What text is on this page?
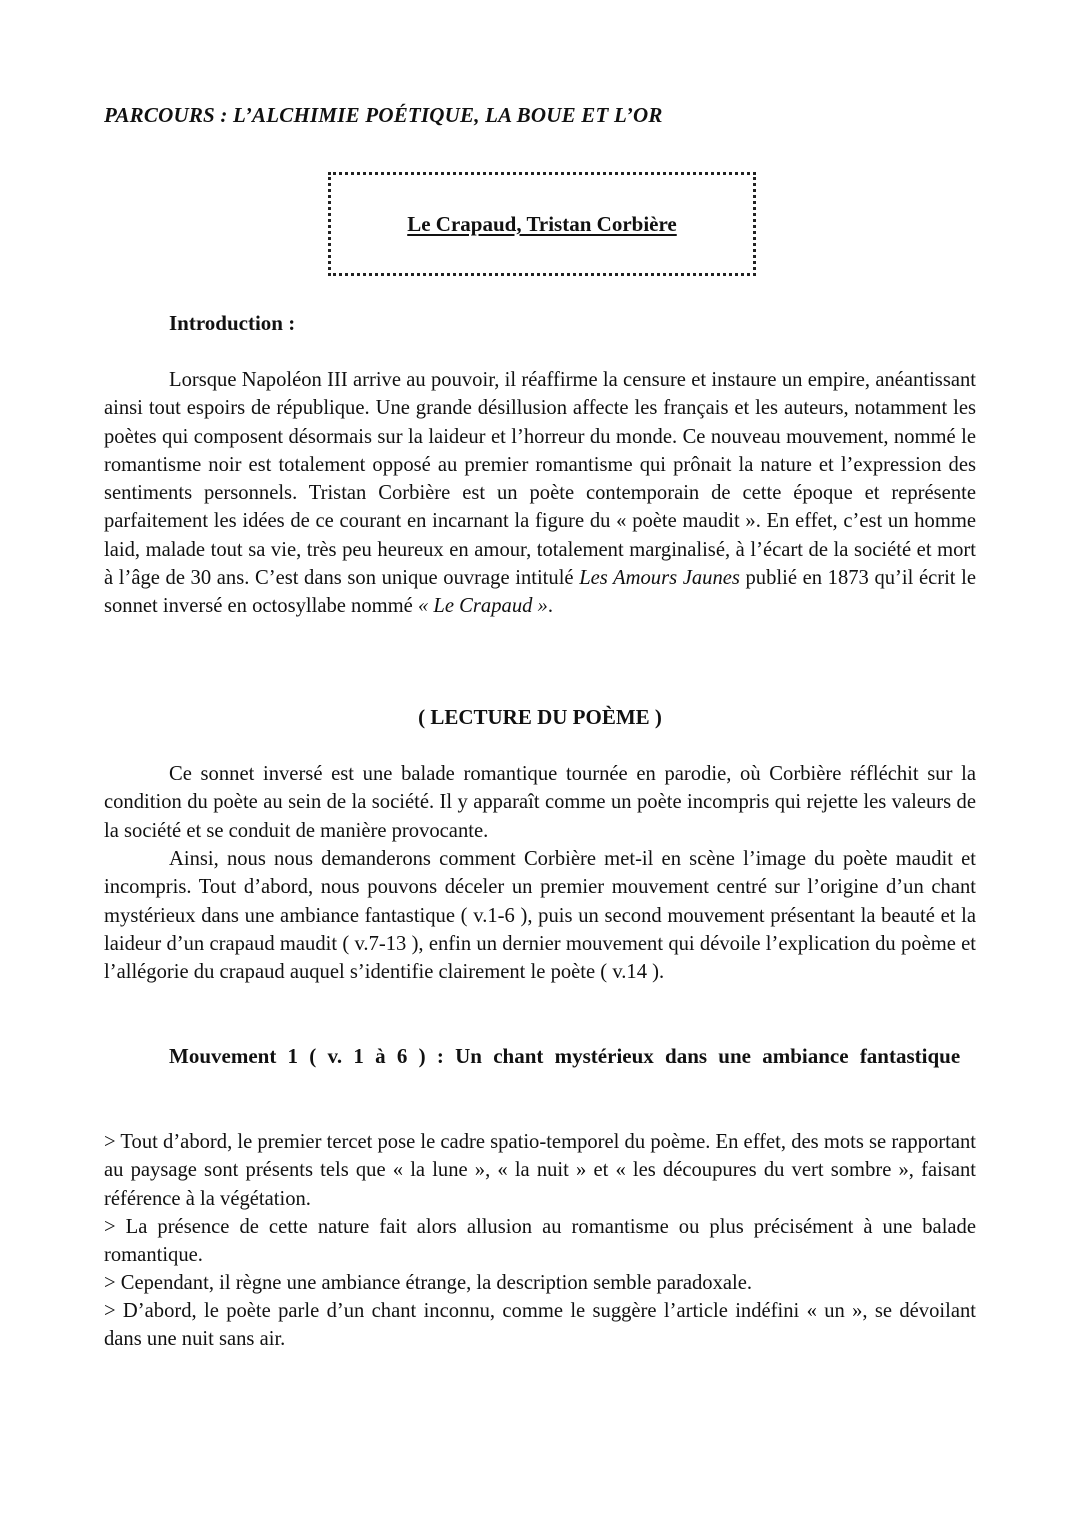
PARCOURS : L’ALCHIMIE POÉTIQUE, LA BOUE ET L’OR
Le Crapaud, Tristan Corbière
Introduction :
Lorsque Napoléon III arrive au pouvoir, il réaffirme la censure et instaure un empire, anéantissant ainsi tout espoirs de république. Une grande désillusion affecte les français et les auteurs, notamment les poètes qui composent désormais sur la laideur et l’horreur du monde. Ce nouveau mouvement, nommé le romantisme noir est totalement opposé au premier romantisme qui prônait la nature et l’expression des sentiments personnels. Tristan Corbière est un poète contemporain de cette époque et représente parfaitement les idées de ce courant en incarnant la figure du « poète maudit ». En effet, c’est un homme laid, malade tout sa vie, très peu heureux en amour, totalement marginalisé, à l’écart de la société et mort à l’âge de 30 ans. C’est dans son unique ouvrage intitulé Les Amours Jaunes publié en 1873 qu’il écrit le sonnet inversé en octosyllabe nommé « Le Crapaud ».
( LECTURE DU POÈME )
Ce sonnet inversé est une balade romantique tournée en parodie, où Corbière réfléchit sur la condition du poète au sein de la société. Il y apparaît comme un poète incompris qui rejette les valeurs de la société et se conduit de manière provocante.
Ainsi, nous nous demanderons comment Corbière met-il en scène l’image du poète maudit et incompris. Tout d’abord, nous pouvons déceler un premier mouvement centré sur l’origine d’un chant mystérieux dans une ambiance fantastique ( v.1-6 ), puis un second mouvement présentant la beauté et la laideur d’un crapaud maudit ( v.7-13 ), enfin un dernier mouvement qui dévoile l’explication du poème et l’allégorie du crapaud auquel s’identifie clairement le poète ( v.14 ).
Mouvement 1 ( v. 1 à 6 ) : Un chant mystérieux dans une ambiance fantastique
> Tout d’abord, le premier tercet pose le cadre spatio-temporel du poème. En effet, des mots se rapportant au paysage sont présents tels que « la lune », « la nuit » et « les découpures du vert sombre », faisant référence à la végétation.
> La présence de cette nature fait alors allusion au romantisme ou plus précisément à une balade romantique.
> Cependant, il règne une ambiance étrange, la description semble paradoxale.
> D’abord, le poète parle d’un chant inconnu, comme le suggère l’article indéfini « un », se dévoilant dans une nuit sans air.
